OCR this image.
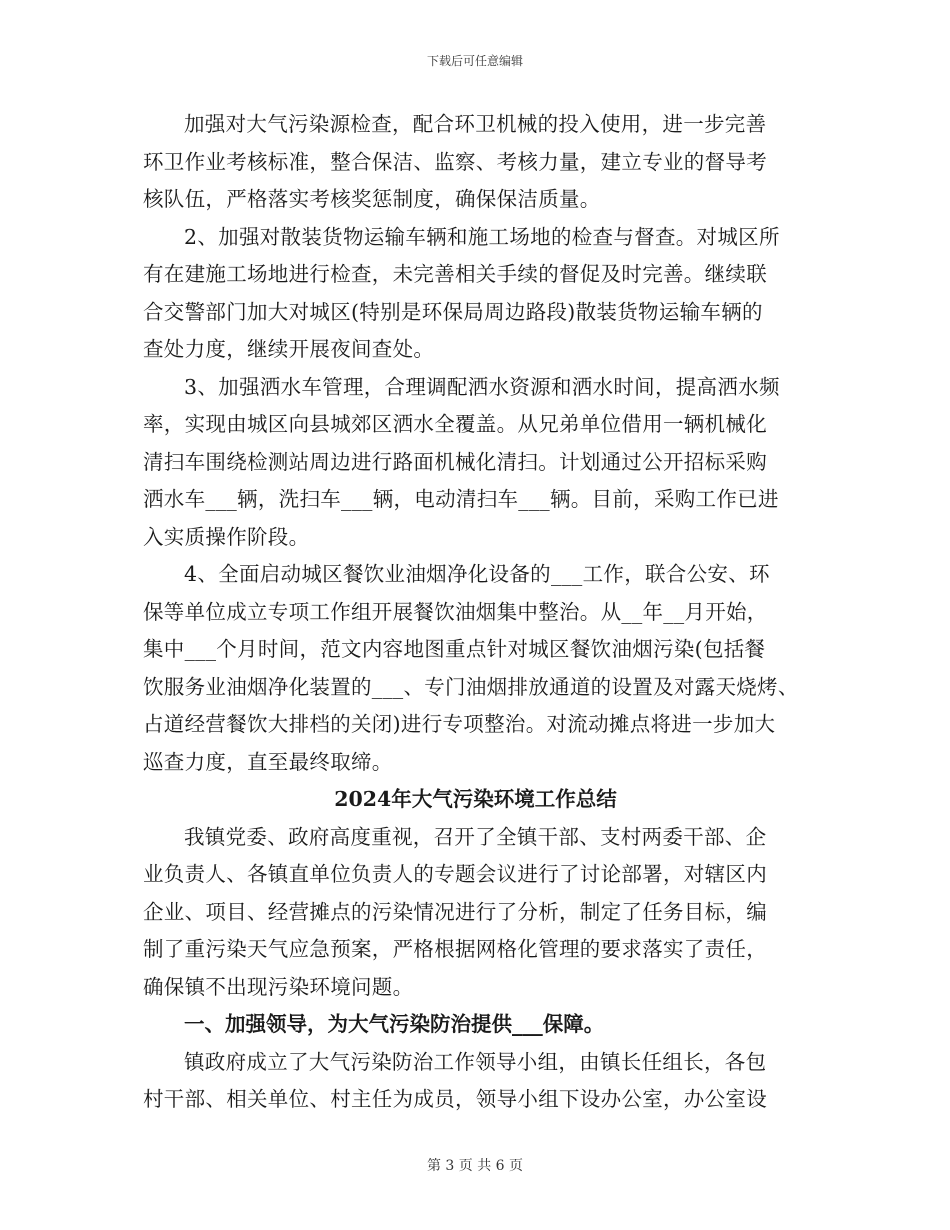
下载后可任意编辑

加强对大气污染源检查，配合环卫机械的投入使用，进一步完善
环卫作业考核标准，整合保洁、监察、考核力量，建立专业的督导考
核队伍，严格落实考核奖惩制度，确保保洁质量。

2、加强对散装货物运输车辆和施工场地的检查与督查。对城区所
有在建施工场地进行检查，未完善相关手续的督促及时完善。继续联
合交警部门加大对城区(特别是环保局周边路段)散装货物运输车辆的
查处力度，继续开展夜间查处。

3、加强洒水车管理，合理调配洒水资源和洒水时间，提高洒水频
率，实现由城区向县城郊区洒水全覆盖。从兄弟单位借用一辆机械化
清扫车围绕检测站周边进行路面机械化清扫。计划通过公开招标采购
洒水车___辆，洗扫车___辆，电动清扫车___辆。目前，采购工作已进
入实质操作阶段。

4、全面启动城区餐饮业油烟净化设备的___工作，联合公安、环
保等单位成立专项工作组开展餐饮油烟集中整治。从__年__月开始，
集中___个月时间，范文内容地图重点针对城区餐饮油烟污染(包括餐
饮服务业油烟净化装置的___、专门油烟排放通道的设置及对露天烧烤、
占道经营餐饮大排档的关闭)进行专项整治。对流动摊点将进一步加大
巡查力度，直至最终取缔。

2024年大气污染环境工作总结

我镇党委、政府高度重视，召开了全镇干部、支村两委干部、企
业负责人、各镇直单位负责人的专题会议进行了讨论部署，对辖区内
企业、项目、经营摊点的污染情况进行了分析，制定了任务目标，编
制了重污染天气应急预案，严格根据网格化管理的要求落实了责任，
确保镇不出现污染环境问题。

一、加强领导，为大气污染防治提供___保障。

镇政府成立了大气污染防治工作领导小组，由镇长任组长，各包
村干部、相关单位、村主任为成员，领导小组下设办公室，办公室设

第 3 页 共 6 页
